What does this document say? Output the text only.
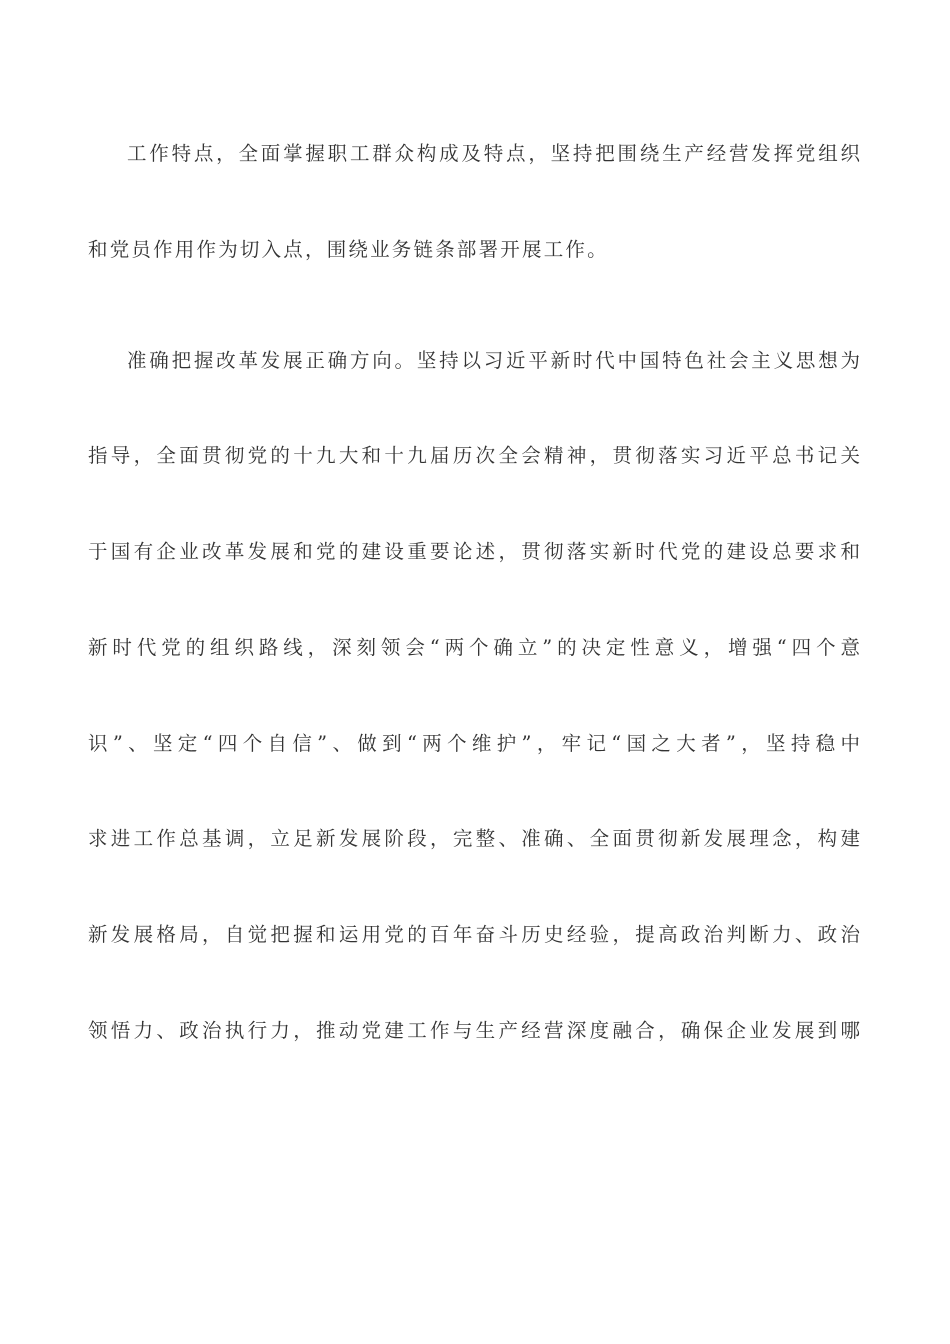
工作特点，全面掌握职工群众构成及特点，坚持把围绕生产经营发挥党组织
和党员作用作为切入点，围绕业务链条部署开展工作。
准确把握改革发展正确方向。坚持以习近平新时代中国特色社会主义思想为
指导，全面贯彻党的十九大和十九届历次全会精神，贯彻落实习近平总书记关
于国有企业改革发展和党的建设重要论述，贯彻落实新时代党的建设总要求和
新时代党的组织路线，深刻领会“两个确立”的决定性意义，增强“四个意
识”、坚定“四个自信”、做到“两个维护”，牢记“国之大者”，坚持稳中
求进工作总基调，立足新发展阶段，完整、准确、全面贯彻新发展理念，构建
新发展格局，自觉把握和运用党的百年奋斗历史经验，提高政治判断力、政治
领悟力、政治执行力，推动党建工作与生产经营深度融合，确保企业发展到哪
